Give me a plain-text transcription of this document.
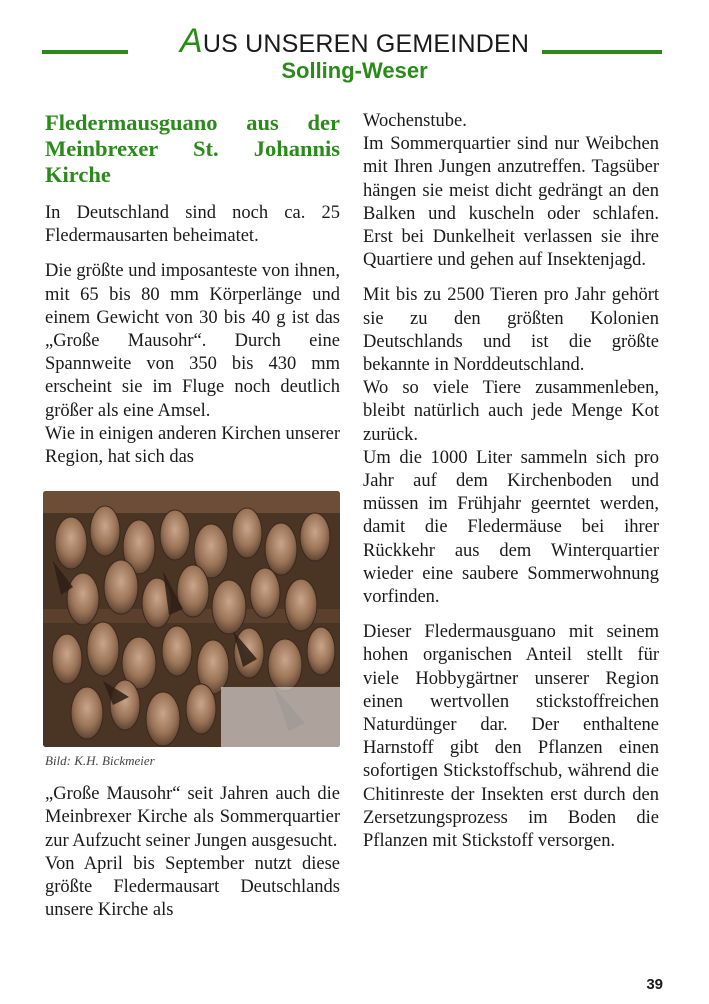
AUS UNSEREN GEMEINDEN
Solling-Weser
Fledermausguano aus der Meinbrexer St. Johannis Kirche

In Deutschland sind noch ca. 25 Fledermausarten beheimatet.

Die größte und imposanteste von ihnen, mit 65 bis 80 mm Körperlänge und einem Gewicht von 30 bis 40 g ist das „Große Mausohr“. Durch eine Spannweite von 350 bis 430 mm erscheint sie im Fluge noch deutlich größer als eine Amsel.

Wie in einigen anderen Kirchen unserer Region, hat sich das

Bild: K.H. Bickmeier

„Große Mausohr“ seit Jahren auch die Meinbrexer Kirche als Sommerquartier zur Aufzucht seiner Jungen ausgesucht.

Von April bis September nutzt diese größte Fledermausart Deutschlands unsere Kirche als

Wochenstube.

Im Sommerquartier sind nur Weibchen mit Ihren Jungen anzutreffen. Tagsüber hängen sie meist dicht gedrängt an den Balken und kuscheln oder schlafen. Erst bei Dunkelheit verlassen sie ihre Quartiere und gehen auf Insektenjagd.

Mit bis zu 2500 Tieren pro Jahr gehört sie zu den größten Kolonien Deutschlands und ist die größte bekannte in Norddeutschland.

Wo so viele Tiere zusammenleben, bleibt natürlich auch jede Menge Kot zurück.

Um die 1000 Liter sammeln sich pro Jahr auf dem Kirchenboden und müssen im Frühjahr geerntet werden, damit die Fledermäuse bei ihrer Rückkehr aus dem Winterquartier wieder eine saubere Sommerwohnung vorfinden.

Dieser Fledermausguano mit seinem hohen organischen Anteil stellt für viele Hobbygärtner unserer Region einen wertvollen stickstoffreichen Naturdünger dar. Der enthaltene Harnstoff gibt den Pflanzen einen sofortigen Stickstoffschub, während die Chitinreste der Insekten erst durch den Zersetzungsprozess im Boden die Pflanzen mit Stickstoff versorgen.

39
